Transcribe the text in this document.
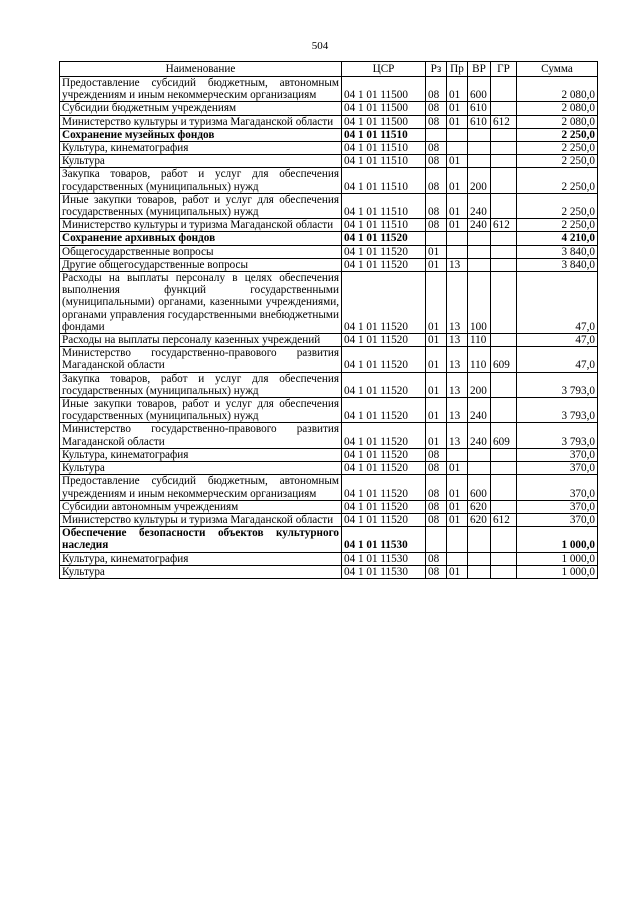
504
Наименование	ЦСР	Рз	Пр	ВР	ГР	Сумма
Предоставление субсидий бюджетным, автономным учреждениям и иным некоммерческим организациям	04 1 01 11500	08	01	600		2 080,0
Субсидии бюджетным учреждениям	04 1 01 11500	08	01	610		2 080,0
Министерство культуры и туризма Магаданской области	04 1 01 11500	08	01	610	612	2 080,0
Сохранение музейных фондов	04 1 01 11510					2 250,0
Культура, кинематография	04 1 01 11510	08				2 250,0
Культура	04 1 01 11510	08	01			2 250,0
Закупка товаров, работ и услуг для обеспечения государственных (муниципальных) нужд	04 1 01 11510	08	01	200		2 250,0
Иные закупки товаров, работ и услуг для обеспечения государственных (муниципальных) нужд	04 1 01 11510	08	01	240		2 250,0
Министерство культуры и туризма Магаданской области	04 1 01 11510	08	01	240	612	2 250,0
Сохранение архивных фондов	04 1 01 11520					4 210,0
Общегосударственные вопросы	04 1 01 11520	01				3 840,0
Другие общегосударственные вопросы	04 1 01 11520	01	13			3 840,0
Расходы на выплаты персоналу в целях обеспечения выполнения функций государственными (муниципальными) органами, казенными учреждениями, органами управления государственными внебюджетными фондами	04 1 01 11520	01	13	100		47,0
Расходы на выплаты персоналу казенных учреждений	04 1 01 11520	01	13	110		47,0
Министерство государственно-правового развития Магаданской области	04 1 01 11520	01	13	110	609	47,0
Закупка товаров, работ и услуг для обеспечения государственных (муниципальных) нужд	04 1 01 11520	01	13	200		3 793,0
Иные закупки товаров, работ и услуг для обеспечения государственных (муниципальных) нужд	04 1 01 11520	01	13	240		3 793,0
Министерство государственно-правового развития Магаданской области	04 1 01 11520	01	13	240	609	3 793,0
Культура, кинематография	04 1 01 11520	08				370,0
Культура	04 1 01 11520	08	01			370,0
Предоставление субсидий бюджетным, автономным учреждениям и иным некоммерческим организациям	04 1 01 11520	08	01	600		370,0
Субсидии автономным учреждениям	04 1 01 11520	08	01	620		370,0
Министерство культуры и туризма Магаданской области	04 1 01 11520	08	01	620	612	370,0
Обеспечение безопасности объектов культурного наследия	04 1 01 11530					1 000,0
Культура, кинематография	04 1 01 11530	08				1 000,0
Культура	04 1 01 11530	08	01			1 000,0
